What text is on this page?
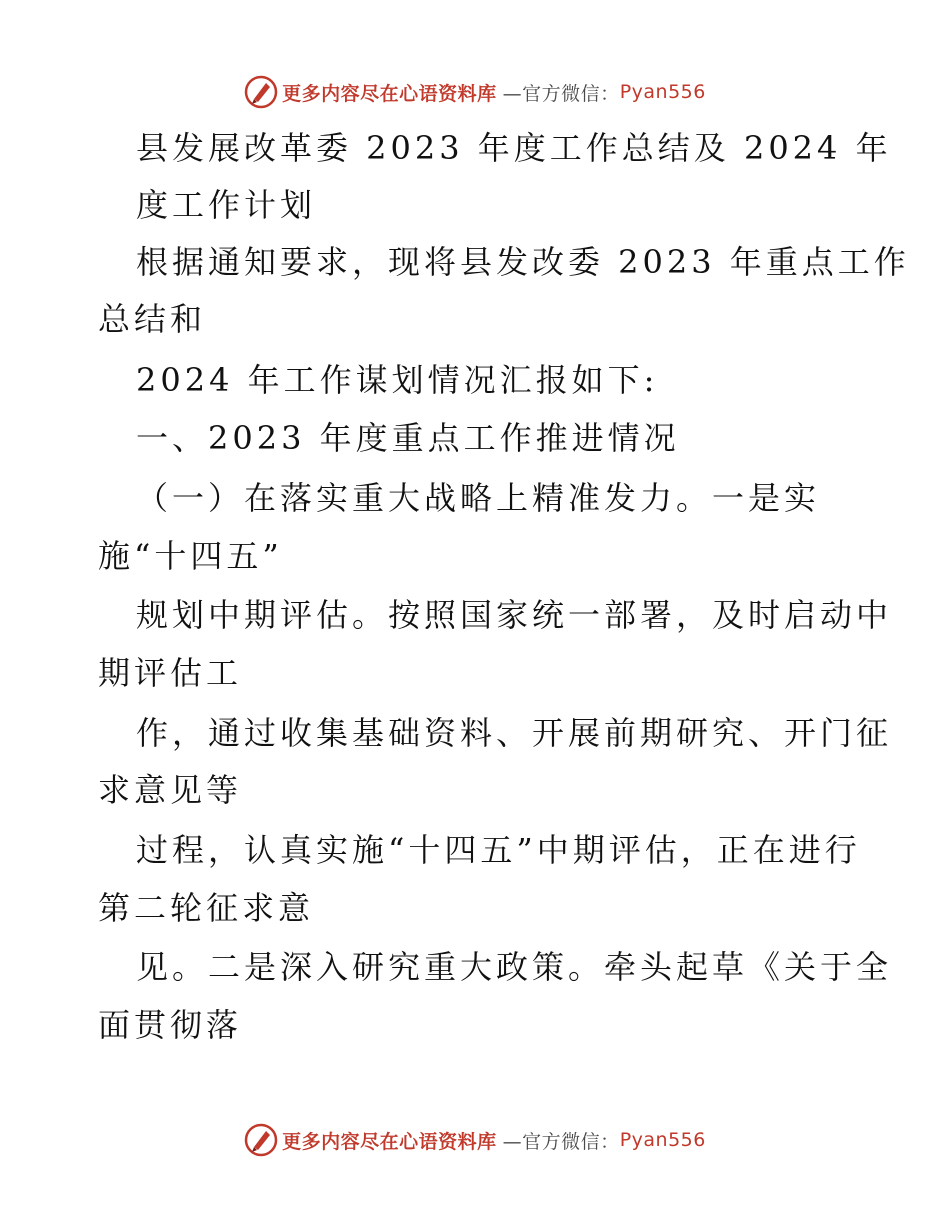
更多内容尽在心语资料库 —官方微信： Pyan556
县发展改革委 2023 年度工作总结及 2024 年
度工作计划
根据通知要求，现将县发改委 2023 年重点工作
总结和
2024 年工作谋划情况汇报如下:
一、2023 年度重点工作推进情况
（一）在落实重大战略上精准发力。一是实
施“十四五”
规划中期评估。按照国家统一部署，及时启动中
期评估工
作，通过收集基础资料、开展前期研究、开门征
求意见等
过程，认真实施“十四五”中期评估，正在进行
第二轮征求意
见。二是深入研究重大政策。牵头起草《关于全
面贯彻落
更多内容尽在心语资料库 —官方微信： Pyan556
